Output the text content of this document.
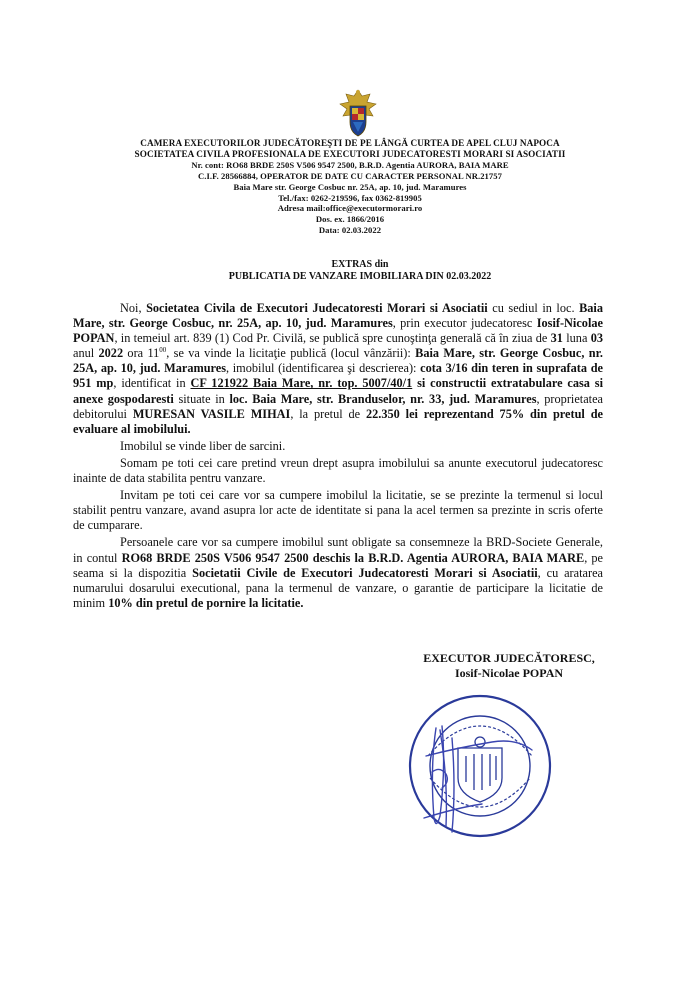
CAMERA EXECUTORILOR JUDECĂTOREŞTI DE PE LÂNGĂ CURTEA DE APEL CLUJ NAPOCA
SOCIETATEA CIVILA PROFESIONALA DE EXECUTORI JUDECATORESTI MORARI SI ASOCIATII
Nr. cont: RO68 BRDE 250S V506 9547 2500, B.R.D. Agentia AURORA, BAIA MARE
C.I.F. 28566884, OPERATOR DE DATE CU CARACTER PERSONAL NR.21757
Baia Mare str. George Cosbuc nr. 25A, ap. 10, jud. Maramures
Tel./fax: 0262-219596, fax 0362-819905
Adresa mail:office@executormorari.ro
Dos. ex. 1866/2016
Data: 02.03.2022
EXTRAS din
PUBLICATIA DE VANZARE IMOBILIARA DIN 02.03.2022

Noi, Societatea Civila de Executori Judecatoresti Morari si Asociatii cu sediul in loc. Baia Mare, str. George Cosbuc, nr. 25A, ap. 10, jud. Maramures, prin executor judecatoresc Iosif-Nicolae POPAN, in temeiul art. 839 (1) Cod Pr. Civilă, se publică spre cunoştinţa generală că în ziua de 31 luna 03 anul 2022 ora $11^{00}$, se va vinde la licitaţie publică (locul vânzării): Baia Mare, str. George Cosbuc, nr. 25A, ap. 10, jud. Maramures, imobilul (identificarea şi descrierea): cota 3/16 din teren in suprafata de 951 mp, identificat in CF 121922 Baia Mare, nr. top. 5007/40/1 si constructii extratabulare casa si anexe gospodaresti situate in loc. Baia Mare, str. Branduselor, nr. 33, jud. Maramures, proprietatea debitorului MURESAN VASILE MIHAI, la pretul de 22.350 lei reprezentand 75% din pretul de evaluare al imobilului.

Imobilul se vinde liber de sarcini.

Somam pe toti cei care pretind vreun drept asupra imobilului sa anunte executorul judecatoresc inainte de data stabilita pentru vanzare.

Invitam pe toti cei care vor sa cumpere imobilul la licitatie, se se prezinte la termenul si locul stabilit pentru vanzare, avand asupra lor acte de identitate si pana la acel termen sa prezinte in scris oferte de cumparare.

Persoanele care vor sa cumpere imobilul sunt obligate sa consemneze la BRD-Societe Generale, in contul RO68 BRDE 250S V506 9547 2500 deschis la B.R.D. Agentia AURORA, BAIA MARE, pe seama si la dispozitia Societatii Civile de Executori Judecatoresti Morari si Asociatii, cu aratarea numarului dosarului executional, pana la termenul de vanzare, o garantie de participare la licitatie de minim 10% din pretul de pornire la licitatie.

EXECUTOR JUDECĂTORESC,
Iosif-Nicolae POPAN
